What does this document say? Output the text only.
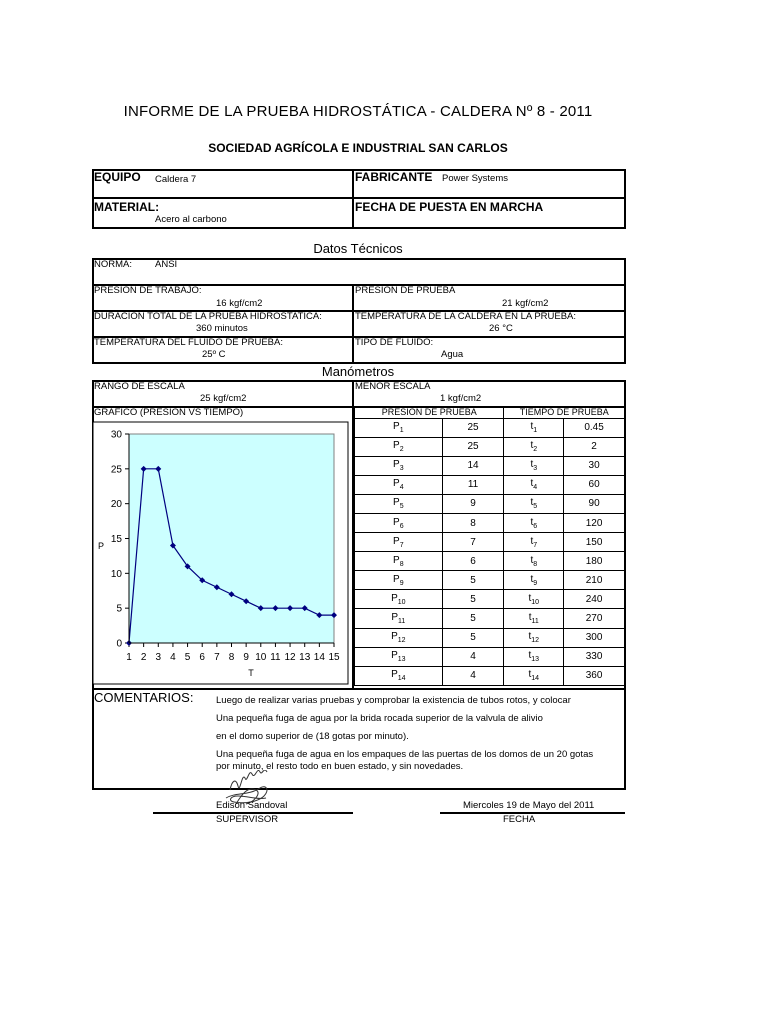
INFORME DE LA PRUEBA HIDROSTÁTICA - CALDERA Nº 8 - 2011
SOCIEDAD AGRÍCOLA E INDUSTRIAL SAN CARLOS
EQUIPO Caldera 7	FABRICANTE Power Systems
MATERIAL:
Acero al carbono
FECHA DE PUESTA EN MARCHA
Datos Técnicos
NORMA: ANSI
PRESION DE TRABAJO:
16 kgf/cm2
PRESION DE PRUEBA
21 kgf/cm2
DURACION TOTAL DE LA PRUEBA HIDROSTATICA:
360 minutos
TEMPERATURA DE LA CALDERA EN LA PRUEBA:
26 °C
TEMPERATURA DEL FLUIDO DE PRUEBA:
25º C
TIPO DE FLUIDO:
Agua
Manómetros
RANGO DE ESCALA
25 kgf/cm2
MENOR ESCALA
1 kgf/cm2
GRAFICO (PRESION VS TIEMPO)
0
5
10
15
20
25
30
1 2 3 4 5 6 7 8 9 10 11 12 13 14 15
P
T
PRESION DE PRUEBA		TIEMPO DE PRUEBA	
$P_1$	25	$t_1$	0.45
$P_2$	25	$t_2$	2
$P_3$	14	$t_3$	30
$P_4$	11	$t_4$	60
$P_5$	9	$t_5$	90
$P_6$	8	$t_6$	120
$P_7$	7	$t_7$	150
$P_8$	6	$t_8$	180
$P_9$	5	$t_9$	210
$P_{10}$	5	$t_{10}$	240
$P_{11}$	5	$t_{11}$	270
$P_{12}$	5	$t_{12}$	300
$P_{13}$	4	$t_{13}$	330
$P_{14}$	4	$t_{14}$	360
COMENTARIOS: Luego de realizar varias pruebas y comprobar la existencia de tubos rotos, y colocar
Una pequeña fuga de agua por la brida rocada superior de la valvula de alivio
en el domo superior de (18 gotas por minuto).
Una pequeña fuga de agua en los empaques de las puertas de los domos de un 20 gotas
por minuto, el resto todo en buen estado, y sin novedades.
Edison Sandoval
SUPERVISOR
Miercoles 19 de Mayo del 2011
FECHA
